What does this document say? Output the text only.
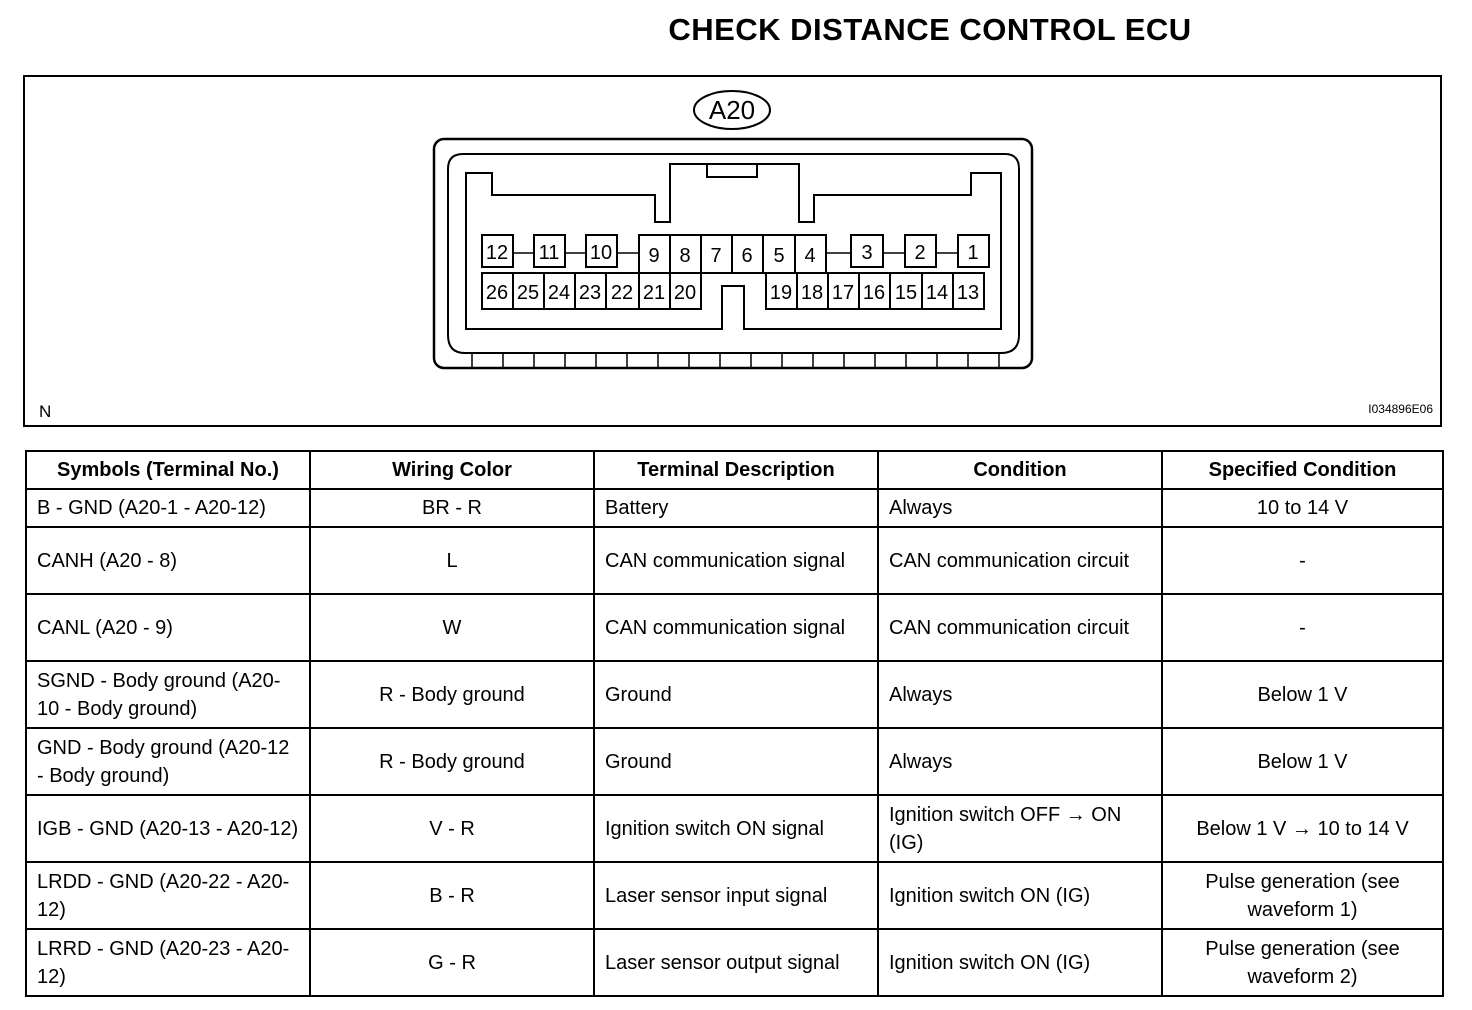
CHECK DISTANCE CONTROL ECU
A20
12 11 10 9 8 7 6 5 4 3 2 1
26 25 24 23 22 21 20	19 18 17 16 15 14 13
N	I034896E06
Symbols (Terminal No.)	Wiring Color	Terminal Description	Condition	Specified Condition
B - GND (A20-1 - A20-12)	BR - R	Battery	Always	10 to 14 V
CANH (A20 - 8)	L	CAN communication signal	CAN communication circuit	-
CANL (A20 - 9)	W	CAN communication signal	CAN communication circuit	-
SGND - Body ground (A20-10 - Body ground)	R - Body ground	Ground	Always	Below 1 V
GND - Body ground (A20-12 - Body ground)	R - Body ground	Ground	Always	Below 1 V
IGB - GND (A20-13 - A20-12)	V - R	Ignition switch ON signal	Ignition switch OFF → ON (IG)	Below 1 V → 10 to 14 V
LRDD - GND (A20-22 - A20-12)	B - R	Laser sensor input signal	Ignition switch ON (IG)	Pulse generation (see waveform 1)
LRRD - GND (A20-23 - A20-12)	G - R	Laser sensor output signal	Ignition switch ON (IG)	Pulse generation (see waveform 2)
